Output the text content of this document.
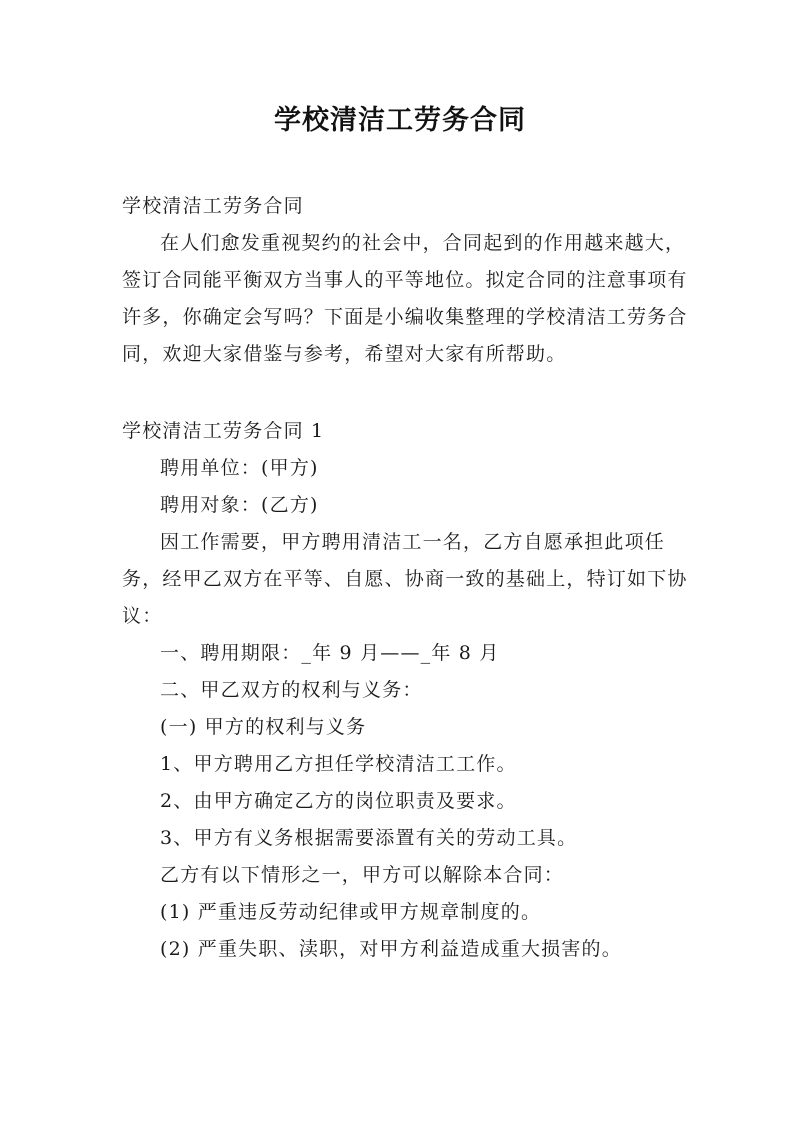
学校清洁工劳务合同

学校清洁工劳务合同

在人们愈发重视契约的社会中，合同起到的作用越来越大，签订合同能平衡双方当事人的平等地位。拟定合同的注意事项有许多，你确定会写吗？下面是小编收集整理的学校清洁工劳务合同，欢迎大家借鉴与参考，希望对大家有所帮助。

学校清洁工劳务合同 1

聘用单位：(甲方)

聘用对象：(乙方)

因工作需要，甲方聘用清洁工一名，乙方自愿承担此项任务，经甲乙双方在平等、自愿、协商一致的基础上，特订如下协议：

一、聘用期限：_年 9 月——_年 8 月

二、甲乙双方的权利与义务：

(一) 甲方的权利与义务

1、甲方聘用乙方担任学校清洁工工作。

2、由甲方确定乙方的岗位职责及要求。

3、甲方有义务根据需要添置有关的劳动工具。

乙方有以下情形之一，甲方可以解除本合同：

(1) 严重违反劳动纪律或甲方规章制度的。

(2) 严重失职、渎职，对甲方利益造成重大损害的。
